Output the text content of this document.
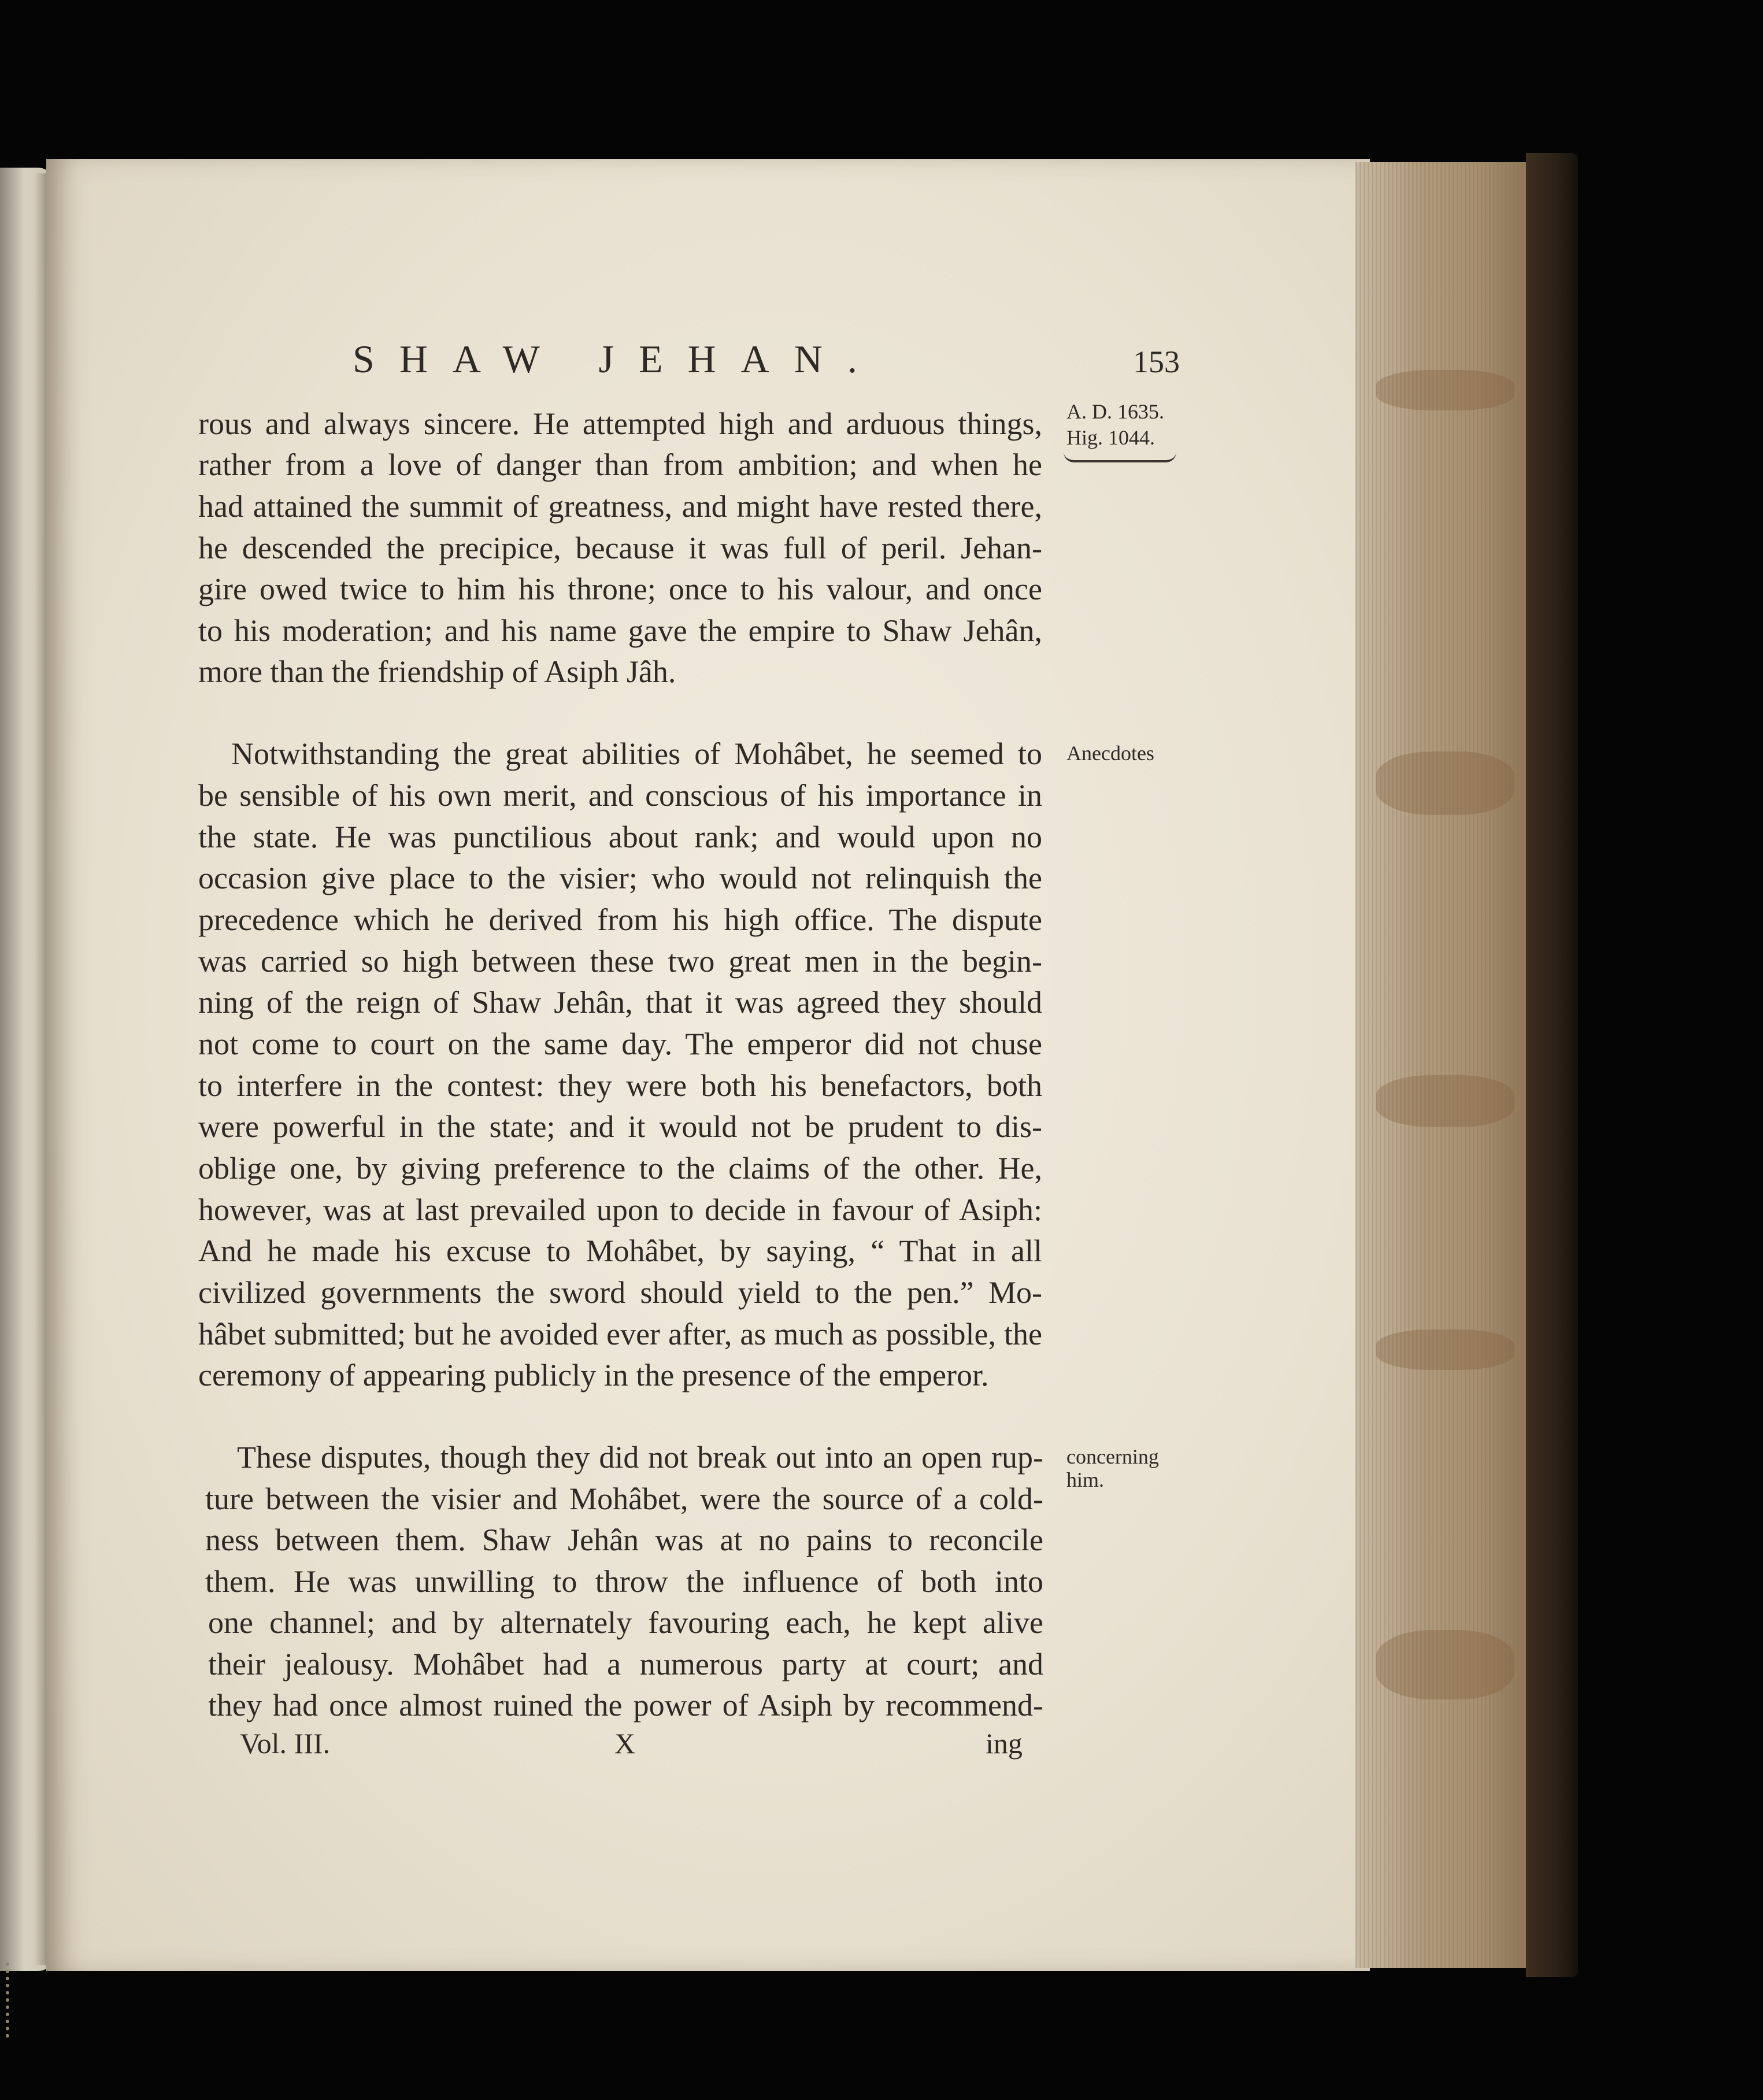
SHAW JEHAN.	153
A. D. 1635.
Hig. 1044.
Anecdotes
concerning
him.
rous and always sincere. He attempted high and arduous things,
rather from a love of danger than from ambition; and when he
had attained the summit of greatness, and might have rested there,
he descended the precipice, because it was full of peril. Jehan-
gire owed twice to him his throne; once to his valour, and once
to his moderation; and his name gave the empire to Shaw Jehân,
more than the friendship of Asiph Jâh.
Notwithstanding the great abilities of Mohâbet, he seemed to
be sensible of his own merit, and conscious of his importance in
the state. He was punctilious about rank; and would upon no
occasion give place to the visier; who would not relinquish the
precedence which he derived from his high office. The dispute
was carried so high between these two great men in the begin-
ning of the reign of Shaw Jehân, that it was agreed they should
not come to court on the same day. The emperor did not chuse
to interfere in the contest: they were both his benefactors, both
were powerful in the state; and it would not be prudent to dis-
oblige one, by giving preference to the claims of the other. He,
however, was at last prevailed upon to decide in favour of Asiph:
And he made his excuse to Mohâbet, by saying, “ That in all
civilized governments the sword should yield to the pen.” Mo-
hâbet submitted; but he avoided ever after, as much as possible, the
ceremony of appearing publicly in the presence of the emperor.
These disputes, though they did not break out into an open rup-
ture between the visier and Mohâbet, were the source of a cold-
ness between them. Shaw Jehân was at no pains to reconcile
them. He was unwilling to throw the influence of both into
one channel; and by alternately favouring each, he kept alive
their jealousy. Mohâbet had a numerous party at court; and
they had once almost ruined the power of Asiph by recommend-
Vol. III.	X	ing
